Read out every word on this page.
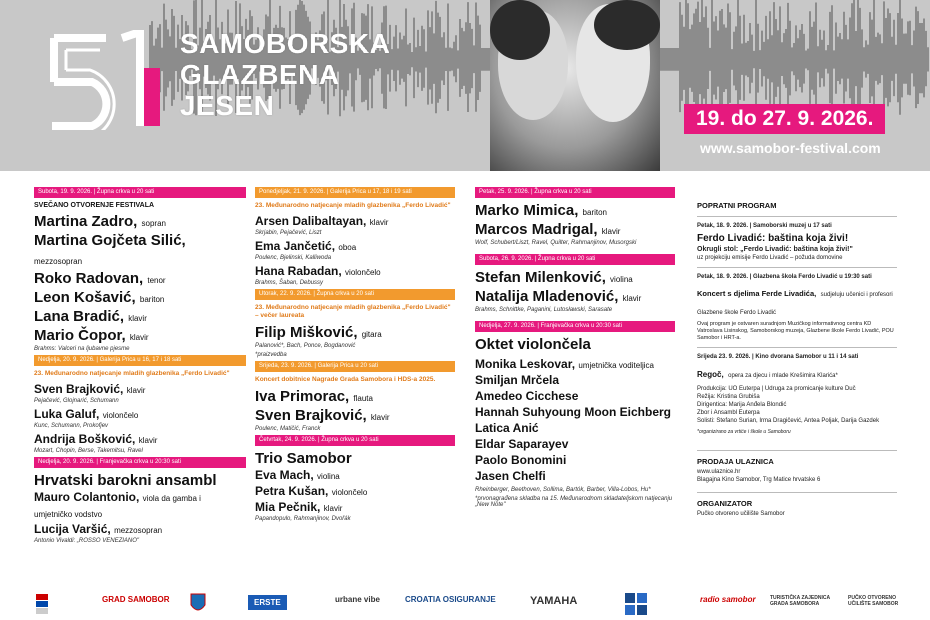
SAMOBORSKA
GLAZBENA
JESEN	19. do 27. 9. 2026.
www.samobor-festival.com
Subota, 19. 9. 2026. | Župna crkva u 20 sati
SVEČANO OTVORENJE FESTIVALA
Martina Zadro, sopran
Martina Gojčeta Silić,
mezzosopran
Roko Radovan, tenor
Leon Košavić, bariton
Lana Bradić, klavir
Mario Čopor, klavir
Brahms: Valceri na ljubavne pjesme
Nedjelja, 20. 9. 2026. | Galerija Prica u 16, 17 i 18 sati
23. Međunarodno natjecanje mladih glazbenika „Ferdo Livadić"
Sven Brajković, klavir
Pejačević, Glojnarić, Schumann
Luka Galuf, violončelo
Kunc, Schumann, Prokofjev
Andrija Bošković, klavir
Mozart, Chopin, Berse, Takemitsu, Ravel
Nedjelja, 20. 9. 2026. | Franjevačka crkva u 20:30 sati
Hrvatski barokni ansambl
Mauro Colantonio, viola da gamba i
umjetničko vodstvo
Lucija Varšić, mezzosopran
Antonio Vivaldi: „ROSSO VENEZIANO"
Ponedjeljak, 21. 9. 2026. | Galerija Prica u 17, 18 i 19 sati
23. Međunarodno natjecanje mladih glazbenika „Ferdo Livadić"
Arsen Dalibaltayan, klavir
Skrjabin, Pejačević, Liszt
Ema Jančetić, oboa
Poulenc, Bjelinski, Kalliwoda
Hana Rabadan, violončelo
Brahms, Šaban, Debussy
Utorak, 22. 9. 2026. | Župna crkva u 20 sati
23. Međunarodno natjecanje mladih glazbenika „Ferdo Livadić" – večer laureata
Filip Mišković, gitara
Palanović*, Bach, Ponce, Bogdanović
*praizvedba
Srijeda, 23. 9. 2026. | Galerija Prica u 20 sati
Koncert dobitnice Nagrade Grada Samobora i HDS-a 2025.
Iva Primorac, flauta
Sven Brajković, klavir
Poulenc, Matičić, Franck
Četvrtak, 24. 9. 2026. | Župna crkva u 20 sati
Trio Samobor
Eva Mach, violina
Petra Kušan, violončelo
Mia Pečnik, klavir
Papandopulo, Rahmanjinov, Dvořák
Petak, 25. 9. 2026. | Župna crkva u 20 sati
Marko Mimica, bariton
Marcos Madrigal, klavir
Wolf, Schubert/Liszt, Ravel, Quilter, Rahmanjinov, Musorgski
Subota, 26. 9. 2026. | Župna crkva u 20 sati
Stefan Milenković, violina
Natalija Mladenović, klavir
Brahms, Schnittke, Paganini, Lutosławski, Sarasate
Nedjelja, 27. 9. 2026. | Franjevačka crkva u 20:30 sati
Oktet violončela
Monika Leskovar, umjetnička voditeljica
Smiljan Mrčela
Amedeo Cicchese
Hannah Suhyoung Moon Eichberg
Latica Anić
Eldar Saparayev
Paolo Bonomini
Jasen Chelfi
Rheinberger, Beethoven, Sollima, Bartók, Barber, Villa-Lobos, Hu*
*prvonagrađena skladba na 15. Međunarodnom skladateljskom natjecanju „New Note"
POPRATNI PROGRAM
Petak, 18. 9. 2026. | Samoborski muzej u 17 sati
Ferdo Livadić: baština koja živi!
Okrugli stol: „Ferdo Livadić: baština koja živi!"
uz projekciju emisije Ferdo Livadić – požuda domovine
Petak, 18. 9. 2026. | Glazbena škola Ferdo Livadić u 19:30 sati
Koncert s djelima Ferde Livadića, sudjeluju učenici i profesori Glazbene škole Ferdo Livadić
Ovaj program je ostvaren suradnjom Muzičkog informativnog centra KD Vatroslava Lisinskog, Samoborskog muzeja, Glazbene škole Ferdo Livadić, POU Samobor i HRT-a.
Srijeda 23. 9. 2026. | Kino dvorana Samobor u 11 i 14 sati
Regoč, opera za djecu i mlade Krešimira Klarića*
Produkcija: UO Euterpa | Udruga za promicanje kulture Duč
Režija: Kristina Grubiša
Dirigentica: Marija Anđela Blondić
Zbor i Ansambl Euterpa
Solisti: Stefano Surian, Irma Dragičević, Antea Poljak, Darija Gazdek
*organizirano za vrtiće i škole u Samoboru
PRODAJA ULAZNICA
www.ulaznice.hr
Blagajna Kino Samobor, Trg Matice hrvatske 6
ORGANIZATOR
Pučko otvoreno učilište Samobor
GRAD SAMOBOR	ERSTE	urbane vibe	CROATIA OSIGURANJE	YAMAHA	radio samobor	TURISTIČKA ZAJEDNICA GRADA SAMOBORA
PUČKO OTVORENO UČILIŠTE SAMOBOR
